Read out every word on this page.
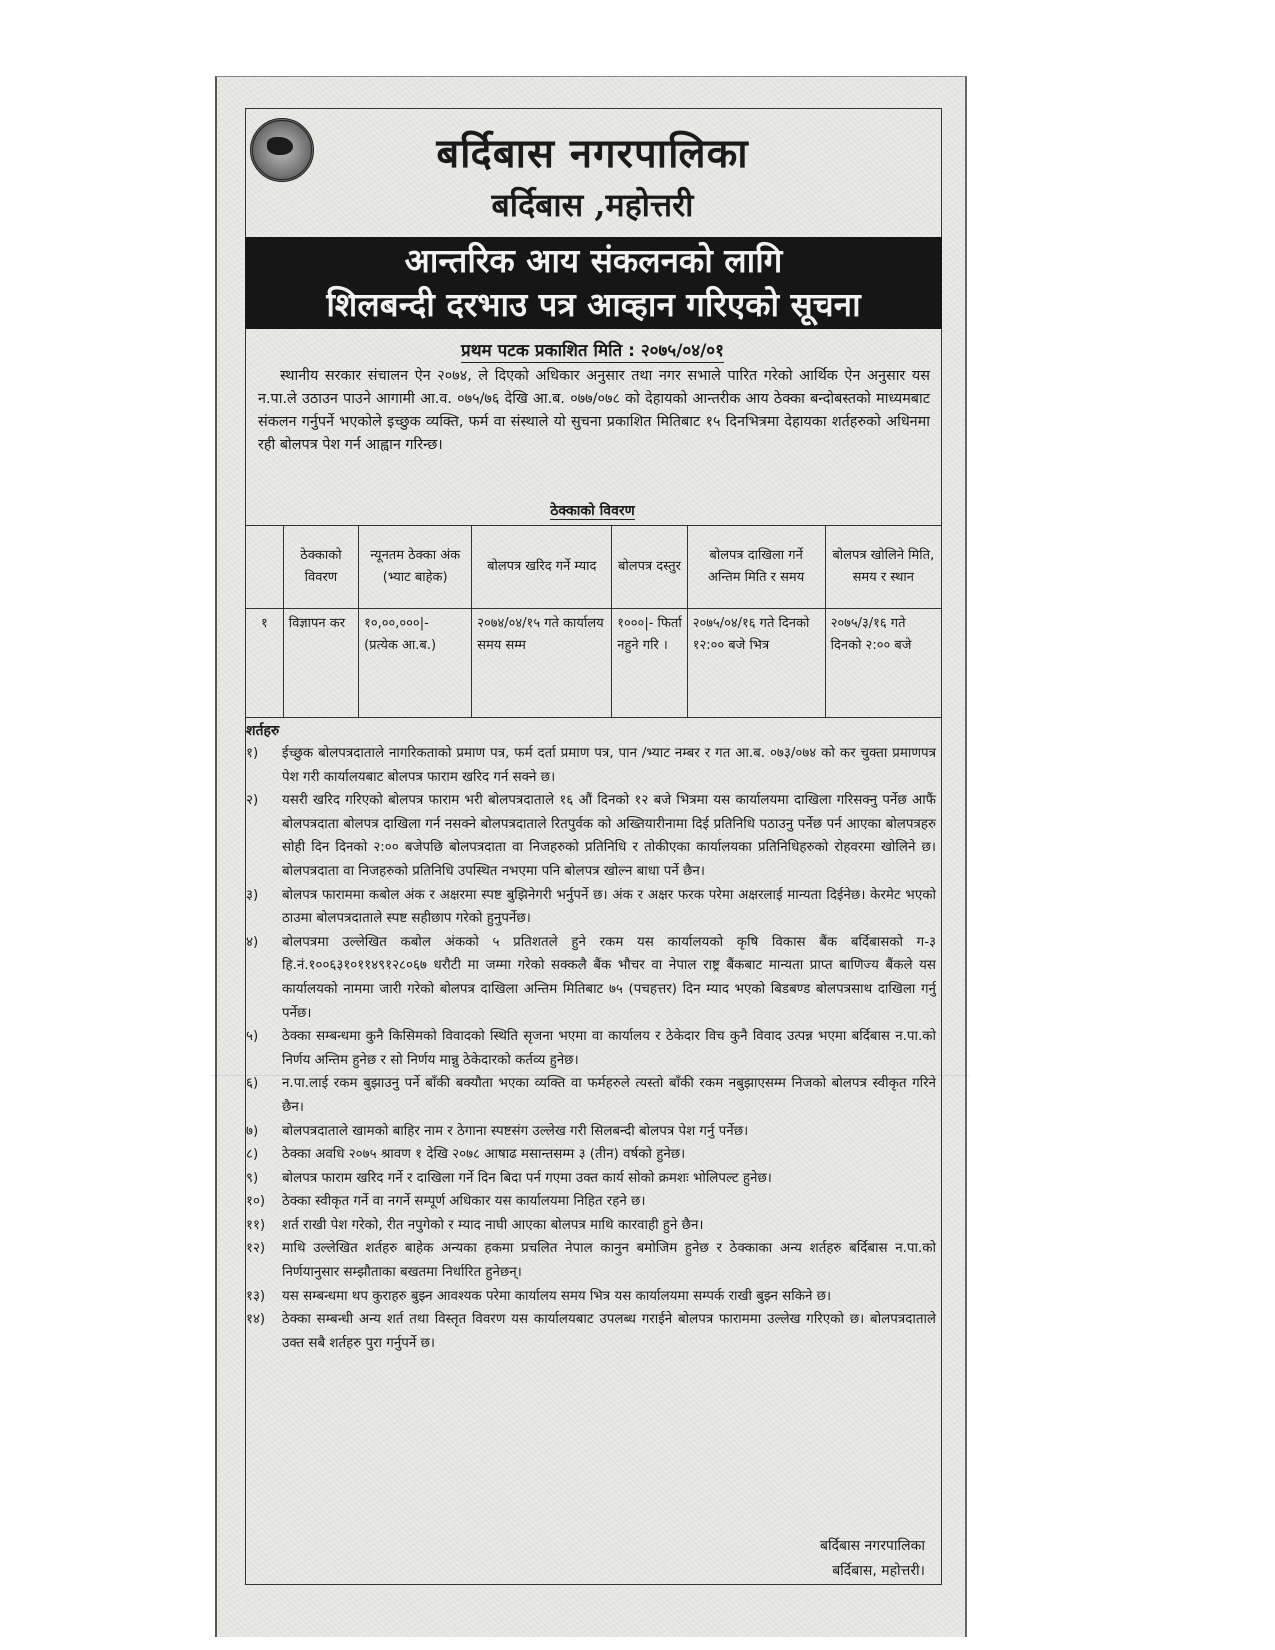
बर्दिबास नगरपालिका
बर्दिबास ,महोत्तरी
आन्तरिक आय संकलनको लागि
शिलबन्दी दरभाउ पत्र आव्हान गरिएको सूचना
प्रथम पटक प्रकाशित मिति : २०७५/०४/०१

स्थानीय सरकार संचालन ऐन २०७४, ले दिएको अधिकार अनुसार तथा नगर सभाले पारित गरेको आर्थिक ऐन अनुसार यस न.पा.ले उठाउन पाउने आगामी आ.व. ०७५/७६ देखि आ.ब. ०७७/०७८ को देहायको आन्तरीक आय ठेक्का बन्दोबस्तको माध्यमबाट संकलन गर्नुपर्ने भएकोले इच्छुक व्यक्ति, फर्म वा संस्थाले यो सुचना प्रकाशित मितिबाट १५ दिनभित्रमा देहायका शर्तहरुको अधिनमा रही बोलपत्र पेश गर्न आह्वान गरिन्छ।

ठेक्काको विवरण
	ठेक्काको विवरण	न्यूनतम ठेक्का अंक (भ्याट बाहेक)	बोलपत्र खरिद गर्ने म्याद	बोलपत्र दस्तुर	बोलपत्र दाखिला गर्ने अन्तिम मिति र समय	बोलपत्र खोलिने मिति, समय र स्थान
१	विज्ञापन कर	१०,००,०००|- (प्रत्येक आ.ब.)	२०७४/०४/१५ गते कार्यालय समय सम्म	१०००|- फिर्ता नहुने गरि ।	२०७५/०४/१६ गते दिनको १२:०० बजे भित्र	२०७५/३/१६ गते दिनको २:०० बजे
शर्तहरु
१)	ईच्छुक बोलपत्रदाताले नागरिकताको प्रमाण पत्र, फर्म दर्ता प्रमाण पत्र, पान /भ्याट नम्बर र गत आ.ब. ०७३/०७४ को कर चुक्ता प्रमाणपत्र पेश गरी कार्यालयबाट बोलपत्र फाराम खरिद गर्न सक्ने छ।
२)	यसरी खरिद गरिएको बोलपत्र फाराम भरी बोलपत्रदाताले १६ औं दिनको १२ बजे भित्रमा यस कार्यालयमा दाखिला गरिसक्नु पर्नेछ आफैं बोलपत्रदाता बोलपत्र दाखिला गर्न नसक्ने बोलपत्रदाताले रितपुर्वक को अख्तियारीनामा दिई प्रतिनिधि पठाउनु पर्नेछ पर्न आएका बोलपत्रहरु सोही दिन दिनको २:०० बजेपछि बोलपत्रदाता वा निजहरुको प्रतिनिधि र तोकीएका कार्यालयका प्रतिनिधिहरुको रोहवरमा खोलिने छ। बोलपत्रदाता वा निजहरुको प्रतिनिधि उपस्थित नभएमा पनि बोलपत्र खोल्न बाधा पर्ने छैन।
३)	बोलपत्र फाराममा कबोल अंक र अक्षरमा स्पष्ट बुझिनेगरी भर्नुपर्ने छ। अंक र अक्षर फरक परेमा अक्षरलाई मान्यता दिईनेछ। केरमेट भएको ठाउमा बोलपत्रदाताले स्पष्ट सहीछाप गरेको हुनुपर्नेछ।
४)	बोलपत्रमा उल्लेखित कबोल अंकको ५ प्रतिशतले हुने रकम यस कार्यालयको कृषि विकास बैंक बर्दिबासको ग-३ हि.नं.१००६३१०११४९१२८०६७ धरौटी मा जम्मा गरेको सक्कलै बैंक भौचर वा नेपाल राष्ट्र बैंकबाट मान्यता प्राप्त बाणिज्य बैंकले यस कार्यालयको नाममा जारी गरेको बोलपत्र दाखिला अन्तिम मितिबाट ७५ (पचहत्तर) दिन म्याद भएको बिडबण्ड बोलपत्रसाथ दाखिला गर्नु पर्नेछ।
५)	ठेक्का सम्बन्धमा कुनै किसिमको विवादको स्थिति सृजना भएमा वा कार्यालय र ठेकेदार विच कुनै विवाद उत्पन्न भएमा बर्दिबास न.पा.को निर्णय अन्तिम हुनेछ र सो निर्णय मान्नु ठेकेदारको कर्तव्य हुनेछ।
६)	न.पा.लाई रकम बुझाउनु पर्ने बाँकी बक्यौता भएका व्यक्ति वा फर्महरुले त्यस्तो बाँकी रकम नबुझाएसम्म निजको बोलपत्र स्वीकृत गरिने छैन।
७)	बोलपत्रदाताले खामको बाहिर नाम र ठेगाना स्पष्टसंग उल्लेख गरी सिलबन्दी बोलपत्र पेश गर्नु पर्नेछ।
८)	ठेक्का अवधि २०७५ श्रावण १ देखि २०७८ आषाढ मसान्तसम्म ३ (तीन) वर्षको हुनेछ।
९)	बोलपत्र फाराम खरिद गर्ने र दाखिला गर्ने दिन बिदा पर्न गएमा उक्त कार्य सोको क्रमशः भोलिपल्ट हुनेछ।
१०)	ठेक्का स्वीकृत गर्ने वा नगर्ने सम्पूर्ण अधिकार यस कार्यालयमा निहित रहने छ।
११)	शर्त राखी पेश गरेको, रीत नपुगेको र म्याद नाघी आएका बोलपत्र माथि कारवाही हुने छैन।
१२)	माथि उल्लेखित शर्तहरु बाहेक अन्यका हकमा प्रचलित नेपाल कानुन बमोजिम हुनेछ र ठेक्काका अन्य शर्तहरु बर्दिबास न.पा.को निर्णयानुसार सम्झौताका बखतमा निर्धारित हुनेछन्।
१३)	यस सम्बन्धमा थप कुराहरु बुझ्न आवश्यक परेमा कार्यालय समय भित्र यस कार्यालयमा सम्पर्क राखी बुझ्न सकिने छ।
१४)	ठेक्का सम्बन्धी अन्य शर्त तथा विस्तृत विवरण यस कार्यालयबाट उपलब्ध गराईने बोलपत्र फाराममा उल्लेख गरिएको छ। बोलपत्रदाताले उक्त सबै शर्तहरु पुरा गर्नुपर्ने छ।
बर्दिबास नगरपालिका
बर्दिबास, महोत्तरी।
